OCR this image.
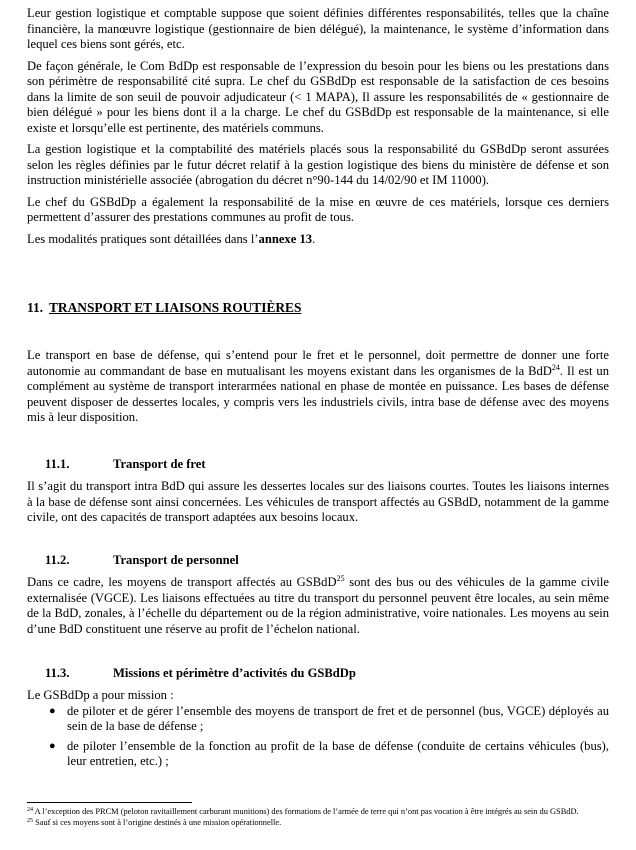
Leur gestion logistique et comptable suppose que soient définies différentes responsabilités, telles que la chaîne financière, la manœuvre logistique (gestionnaire de bien délégué), la maintenance, le système d’information dans lequel ces biens sont gérés, etc.

De façon générale, le Com BdDp est responsable de l’expression du besoin pour les biens ou les prestations dans son périmètre de responsabilité cité supra. Le chef du GSBdDp est responsable de la satisfaction de ces besoins dans la limite de son seuil de pouvoir adjudicateur (< 1 MAPA), Il assure les responsabilités de « gestionnaire de bien délégué » pour les biens dont il a la charge. Le chef du GSBdDp est responsable de la maintenance, si elle existe et lorsqu’elle est pertinente, des matériels communs.

La gestion logistique et la comptabilité des matériels placés sous la responsabilité du GSBdDp seront assurées selon les règles définies par le futur décret relatif à la gestion logistique des biens du ministère de défense et son instruction ministérielle associée (abrogation du décret n°90-144 du 14/02/90 et IM 11000).

Le chef du GSBdDp a également la responsabilité de la mise en œuvre de ces matériels, lorsque ces derniers permettent d’assurer des prestations communes au profit de tous.

Les modalités pratiques sont détaillées dans l’annexe 13.

11. TRANSPORT ET LIAISONS ROUTIÈRES

Le transport en base de défense, qui s’entend pour le fret et le personnel, doit permettre de donner une forte autonomie au commandant de base en mutualisant les moyens existant dans les organismes de la BdD$^{24}$. Il est un complément au système de transport interarmées national en phase de montée en puissance. Les bases de défense peuvent disposer de dessertes locales, y compris vers les industriels civils, intra base de défense avec des moyens mis à leur disposition.

11.1.	Transport de fret

Il s’agit du transport intra BdD qui assure les dessertes locales sur des liaisons courtes. Toutes les liaisons internes à la base de défense sont ainsi concernées. Les véhicules de transport affectés au GSBdD, notamment de la gamme civile, ont des capacités de transport adaptées aux besoins locaux.

11.2.	Transport de personnel

Dans ce cadre, les moyens de transport affectés au GSBdD$^{25}$ sont des bus ou des véhicules de la gamme civile externalisée (VGCE). Les liaisons effectuées au titre du transport du personnel peuvent être locales, au sein même de la BdD, zonales, à l’échelle du département ou de la région administrative, voire nationales. Les moyens au sein d’une BdD constituent une réserve au profit de l’échelon national.

11.3.	Missions et périmètre d’activités du GSBdDp

Le GSBdDp a pour mission :

● de piloter et de gérer l’ensemble des moyens de transport de fret et de personnel (bus, VGCE) déployés au sein de la base de défense ;
● de piloter l’ensemble de la fonction au profit de la base de défense (conduite de certains véhicules (bus), leur entretien, etc.) ;

$^{24}$ A l’exception des PRCM (peloton ravitaillement carburant munitions) des formations de l’armée de terre qui n’ont pas vocation à être intégrés au sein du GSBdD.

$^{25}$ Sauf si ces moyens sont à l’origine destinés à une mission opérationnelle.
